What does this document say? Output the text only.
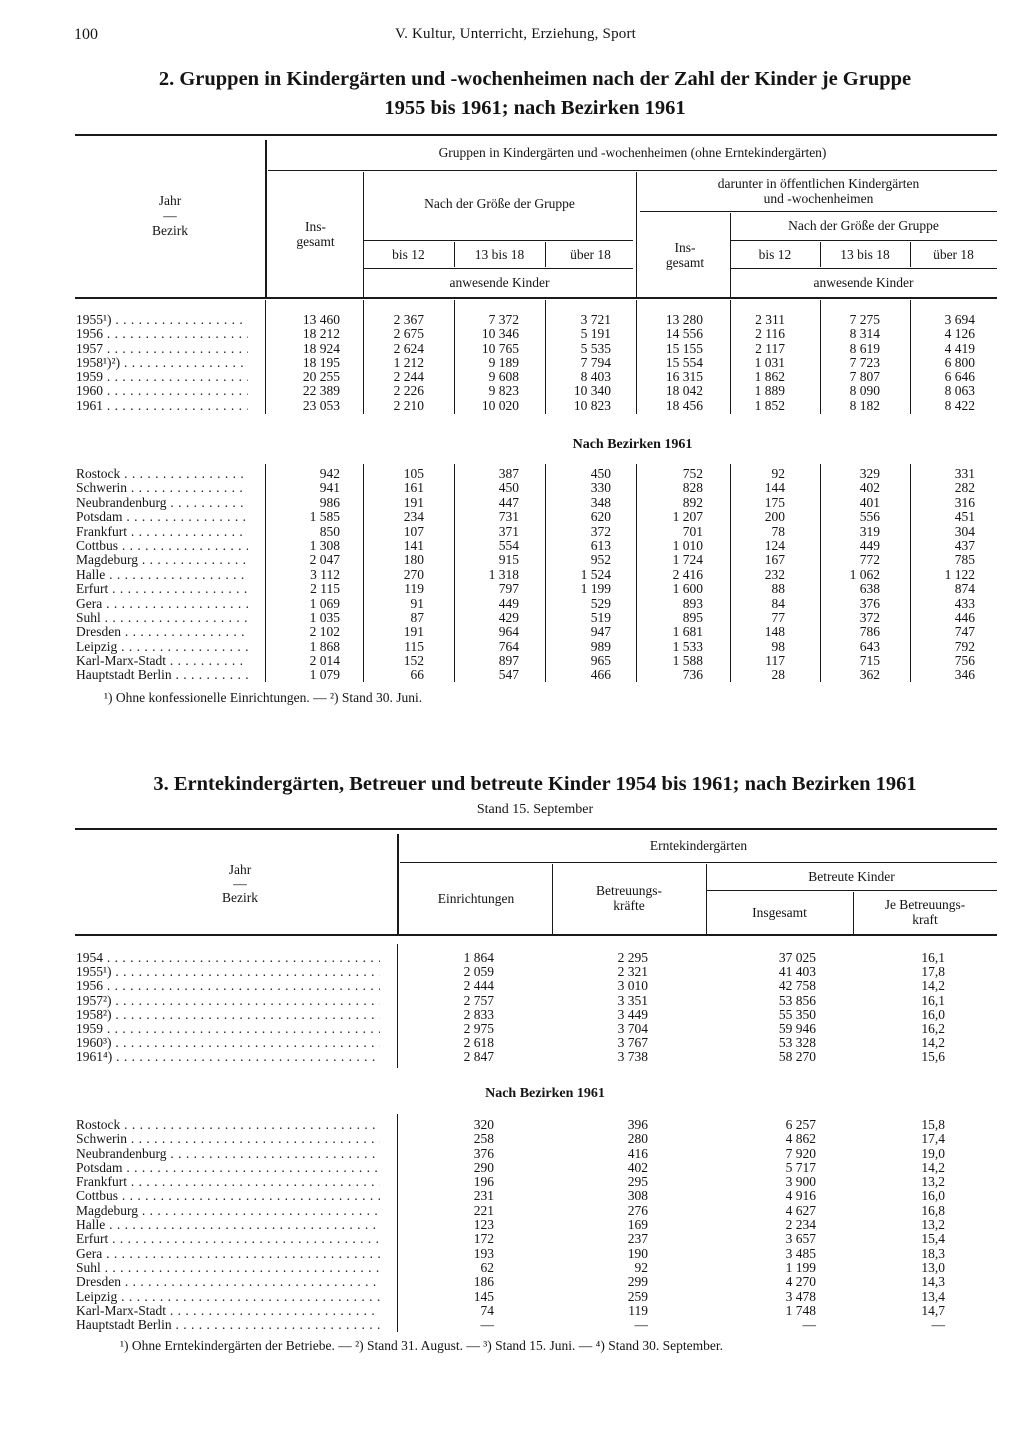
100	V. Kultur, Unterricht, Erziehung, Sport
2. Gruppen in Kindergärten und -wochenheimen nach der Zahl der Kinder je Gruppe
1955 bis 1961; nach Bezirken 1961
Jahr
—
Bezirk
Gruppen in Kindergärten und -wochenheimen (ohne Erntekindergärten)
Ins-
gesamt
Nach der Größe der Gruppe
darunter in öffentlichen Kindergärten
und -wochenheimen
Nach der Größe der Gruppe
Ins-
gesamt
bis 12	13 bis 18	über 18	bis 12	13 bis 18	über 18
anwesende Kinder	anwesende Kinder
1955¹) . . .	13 460	2 367	7 372	3 721	13 280	2 311	7 275	3 694
1956 . . .	18 212	2 675	10 346	5 191	14 556	2 116	8 314	4 126
1957 . . .	18 924	2 624	10 765	5 535	15 155	2 117	8 619	4 419
1958¹)²) . . .	18 195	1 212	9 189	7 794	15 554	1 031	7 723	6 800
1959 . . .	20 255	2 244	9 608	8 403	16 315	1 862	7 807	6 646
1960 . . .	22 389	2 226	9 823	10 340	18 042	1 889	8 090	8 063
1961 . . .	23 053	2 210	10 020	10 823	18 456	1 852	8 182	8 422
Nach Bezirken 1961
Rostock . . .	942	105	387	450	752	92	329	331
Schwerin . . .	941	161	450	330	828	144	402	282
Neubrandenburg . . .	986	191	447	348	892	175	401	316
Potsdam . . .	1 585	234	731	620	1 207	200	556	451
Frankfurt . . .	850	107	371	372	701	78	319	304
Cottbus . . .	1 308	141	554	613	1 010	124	449	437
Magdeburg . . .	2 047	180	915	952	1 724	167	772	785
Halle . . .	3 112	270	1 318	1 524	2 416	232	1 062	1 122
Erfurt . . .	2 115	119	797	1 199	1 600	88	638	874
Gera . . .	1 069	91	449	529	893	84	376	433
Suhl . . .	1 035	87	429	519	895	77	372	446
Dresden . . .	2 102	191	964	947	1 681	148	786	747
Leipzig . . .	1 868	115	764	989	1 533	98	643	792
Karl-Marx-Stadt . . .	2 014	152	897	965	1 588	117	715	756
Hauptstadt Berlin . . .	1 079	66	547	466	736	28	362	346
¹) Ohne konfessionelle Einrichtungen. — ²) Stand 30. Juni.
3. Erntekindergärten, Betreuer und betreute Kinder 1954 bis 1961; nach Bezirken 1961
Stand 15. September
Jahr
—
Bezirk
Erntekindergärten
Einrichtungen
Betreuungs-
kräfte
Betreute Kinder
Insgesamt
Je Betreuungs-
kraft
1954 . . .	1 864	2 295	37 025	16,1
1955¹) . . .	2 059	2 321	41 403	17,8
1956 . . .	2 444	3 010	42 758	14,2
1957²) . . .	2 757	3 351	53 856	16,1
1958²) . . .	2 833	3 449	55 350	16,0
1959 . . .	2 975	3 704	59 946	16,2
1960³) . . .	2 618	3 767	53 328	14,2
1961⁴) . . .	2 847	3 738	58 270	15,6
Nach Bezirken 1961
Rostock . . .	320	396	6 257	15,8
Schwerin . . .	258	280	4 862	17,4
Neubrandenburg . . .	376	416	7 920	19,0
Potsdam . . .	290	402	5 717	14,2
Frankfurt . . .	196	295	3 900	13,2
Cottbus . . .	231	308	4 916	16,0
Magdeburg . . .	221	276	4 627	16,8
Halle . . .	123	169	2 234	13,2
Erfurt . . .	172	237	3 657	15,4
Gera . . .	193	190	3 485	18,3
Suhl . . .	62	92	1 199	13,0
Dresden . . .	186	299	4 270	14,3
Leipzig . . .	145	259	3 478	13,4
Karl-Marx-Stadt . . .	74	119	1 748	14,7
Hauptstadt Berlin . . .	—	—	—	—
¹) Ohne Erntekindergärten der Betriebe. — ²) Stand 31. August. — ³) Stand 15. Juni. — ⁴) Stand 30. September.
